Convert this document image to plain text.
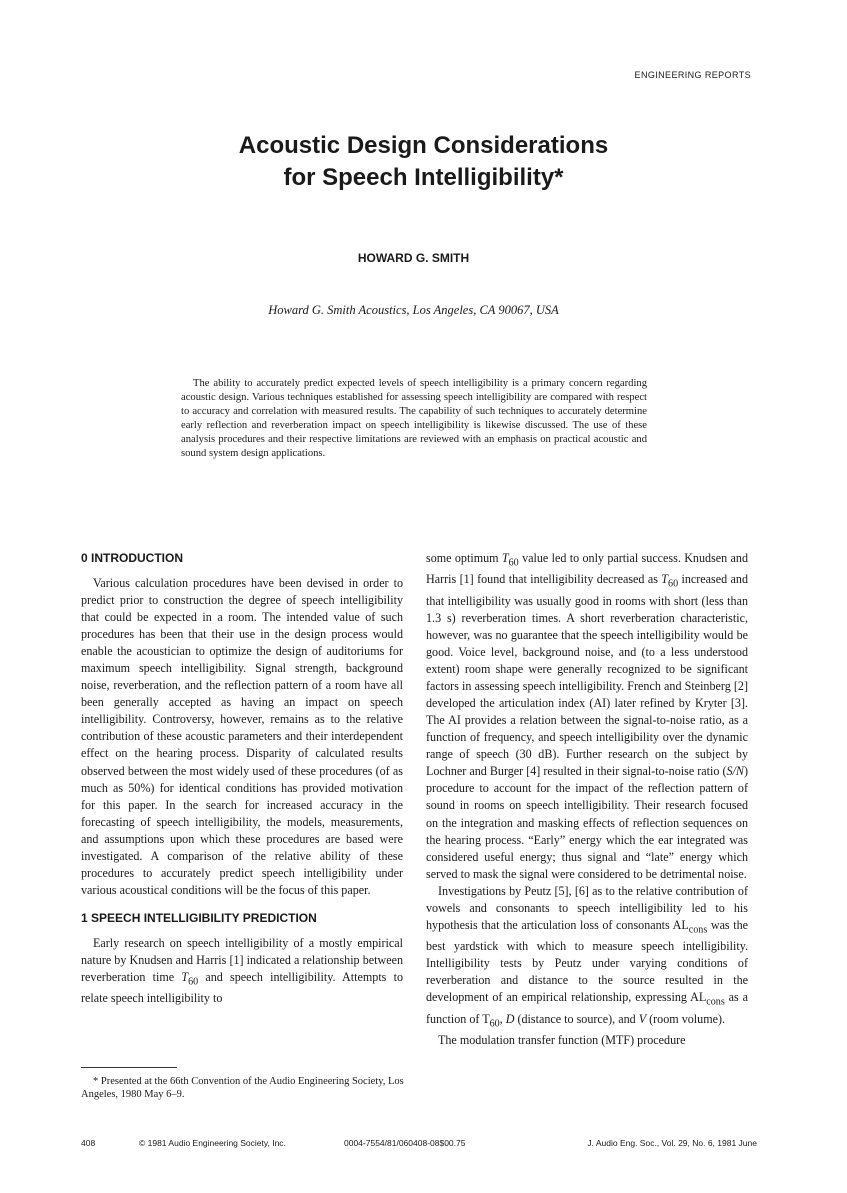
ENGINEERING REPORTS
Acoustic Design Considerations
for Speech Intelligibility*
HOWARD G. SMITH
Howard G. Smith Acoustics, Los Angeles, CA 90067, USA

The ability to accurately predict expected levels of speech intelligibility is a primary concern regarding acoustic design. Various techniques established for assessing speech intelligibility are compared with respect to accuracy and correlation with measured results. The capability of such techniques to accurately determine early reflection and reverberation impact on speech intelligibility is likewise discussed. The use of these analysis procedures and their respective limitations are reviewed with an emphasis on practical acoustic and sound system design applications.

0 INTRODUCTION

Various calculation procedures have been devised in order to predict prior to construction the degree of speech intelligibility that could be expected in a room. The intended value of such procedures has been that their use in the design process would enable the acoustician to optimize the design of auditoriums for maximum speech intelligibility. Signal strength, background noise, reverberation, and the reflection pattern of a room have all been generally accepted as having an impact on speech intelligibility. Controversy, however, remains as to the relative contribution of these acoustic parameters and their interdependent effect on the hearing process. Disparity of calculated results observed between the most widely used of these procedures (of as much as 50%) for identical conditions has provided motivation for this paper. In the search for increased accuracy in the forecasting of speech intelligibility, the models, measurements, and assumptions upon which these procedures are based were investigated. A comparison of the relative ability of these procedures to accurately predict speech intelligibility under various acoustical conditions will be the focus of this paper.

1 SPEECH INTELLIGIBILITY PREDICTION

Early research on speech intelligibility of a mostly empirical nature by Knudsen and Harris [1] indicated a relationship between reverberation time $T_{60}$ and speech intelligibility. Attempts to relate speech intelligibility to

* Presented at the 66th Convention of the Audio Engineering Society, Los Angeles, 1980 May 6–9.

some optimum $T_{60}$ value led to only partial success. Knudsen and Harris [1] found that intelligibility decreased as $T_{60}$ increased and that intelligibility was usually good in rooms with short (less than 1.3 s) reverberation times. A short reverberation characteristic, however, was no guarantee that the speech intelligibility would be good. Voice level, background noise, and (to a less understood extent) room shape were generally recognized to be significant factors in assessing speech intelligibility. French and Steinberg [2] developed the articulation index (AI) later refined by Kryter [3]. The AI provides a relation between the signal-to-noise ratio, as a function of frequency, and speech intelligibility over the dynamic range of speech (30 dB). Further research on the subject by Lochner and Burger [4] resulted in their signal-to-noise ratio (S/N) procedure to account for the impact of the reflection pattern of sound in rooms on speech intelligibility. Their research focused on the integration and masking effects of reflection sequences on the hearing process. “Early” energy which the ear integrated was considered useful energy; thus signal and “late” energy which served to mask the signal were considered to be detrimental noise.

Investigations by Peutz [5], [6] as to the relative contribution of vowels and consonants to speech intelligibility led to his hypothesis that the articulation loss of consonants $AL_{cons}$ was the best yardstick with which to measure speech intelligibility. Intelligibility tests by Peutz under varying conditions of reverberation and distance to the source resulted in the development of an empirical relationship, expressing $AL_{cons}$ as a function of $T_{60}$, D (distance to source), and V (room volume).

The modulation transfer function (MTF) procedure

408	© 1981 Audio Engineering Society, Inc.	0004-7554/81/060408-08$00.75	J. Audio Eng. Soc., Vol. 29, No. 6, 1981 June
